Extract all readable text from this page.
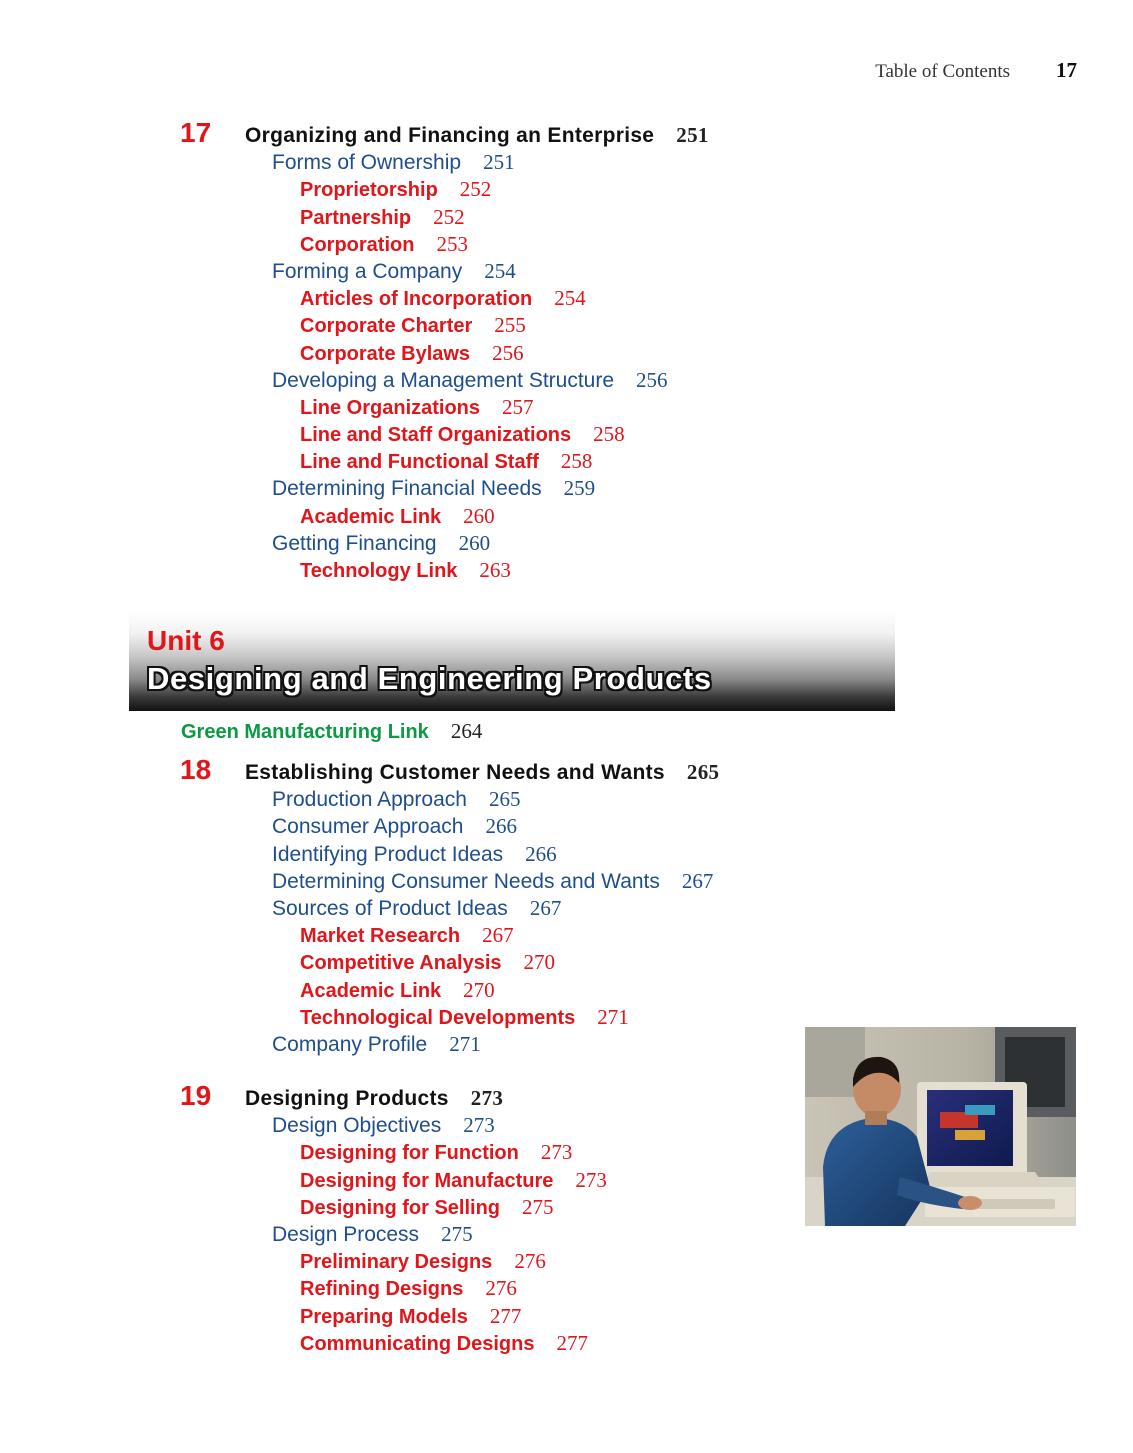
Table of Contents 17
17 Organizing and Financing an Enterprise 251
Forms of Ownership 251
Proprietorship 252
Partnership 252
Corporation 253
Forming a Company 254
Articles of Incorporation 254
Corporate Charter 255
Corporate Bylaws 256
Developing a Management Structure 256
Line Organizations 257
Line and Staff Organizations 258
Line and Functional Staff 258
Determining Financial Needs 259
Academic Link 260
Getting Financing 260
Technology Link 263
Unit 6
Designing and Engineering Products
Green Manufacturing Link 264
18 Establishing Customer Needs and Wants 265
Production Approach 265
Consumer Approach 266
Identifying Product Ideas 266
Determining Consumer Needs and Wants 267
Sources of Product Ideas 267
Market Research 267
Competitive Analysis 270
Academic Link 270
Technological Developments 271
Company Profile 271
19 Designing Products 273
Design Objectives 273
Designing for Function 273
Designing for Manufacture 273
Designing for Selling 275
Design Process 275
Preliminary Designs 276
Refining Designs 276
Preparing Models 277
Communicating Designs 277
